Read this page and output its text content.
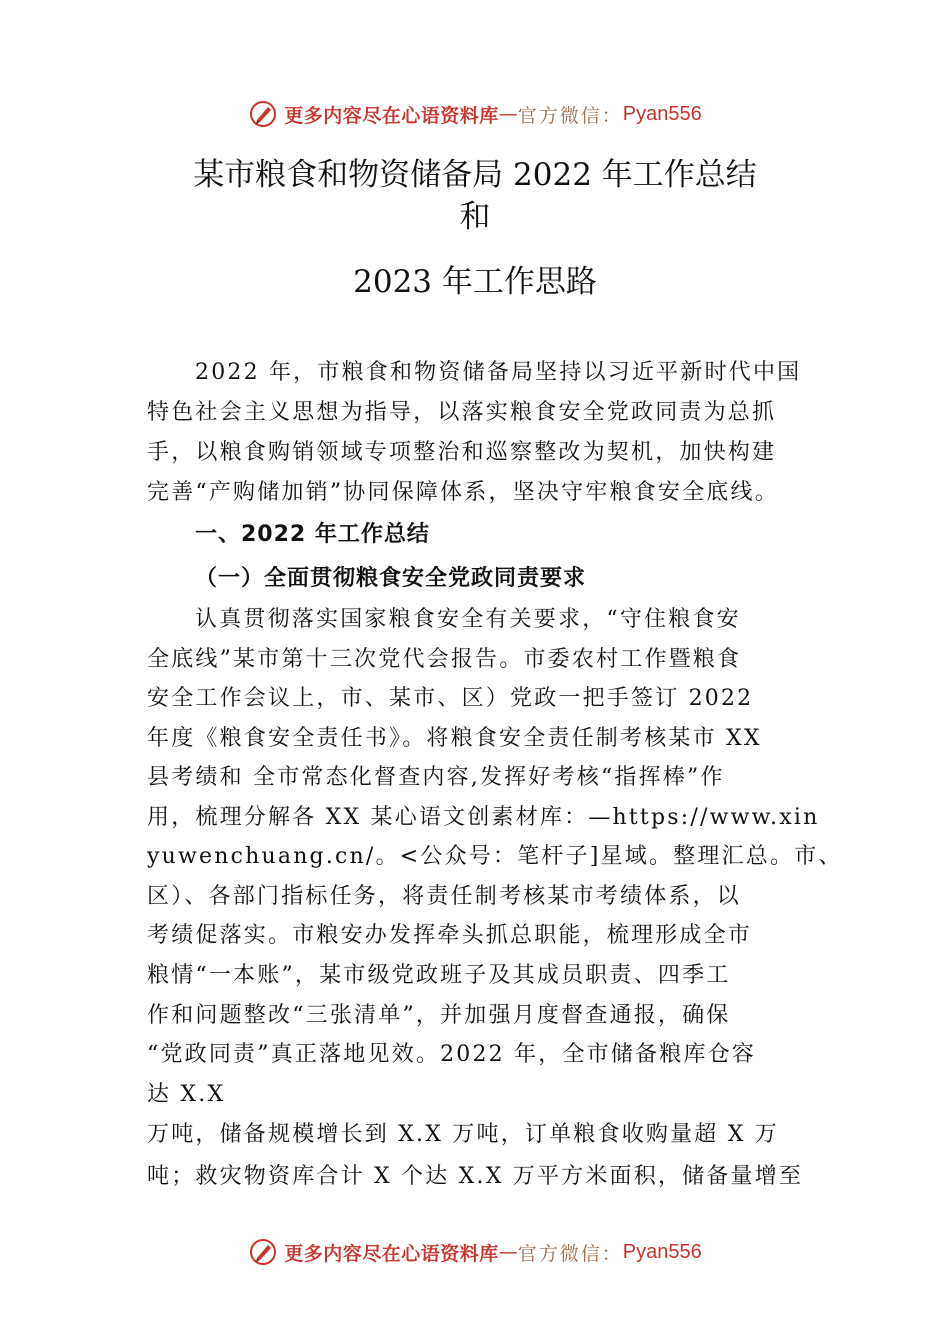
更多内容尽在心语资料库 — 官方微信： Pyan556
某市粮食和物资储备局 2022 年工作总结
和
2023 年工作思路
2022 年，市粮食和物资储备局坚持以习近平新时代中国
特色社会主义思想为指导，以落实粮食安全党政同责为总抓
手，以粮食购销领域专项整治和巡察整改为契机，加快构建
完善“产购储加销”协同保障体系，坚决守牢粮食安全底线。
一、2022 年工作总结
（一）全面贯彻粮食安全党政同责要求
认真贯彻落实国家粮食安全有关要求，“守住粮食安
全底线”某市第十三次党代会报告。市委农村工作暨粮食
安全工作会议上，市、某市、区）党政一把手签订 2022
年度《粮食安全责任书》。将粮食安全责任制考核某市 XX
县考绩和 全市常态化督查内容,发挥好考核“指挥棒”作
用，梳理分解各 XX 某心语文创素材库：—https://www.xin
yuwenchuang.cn/。<公众号：笔杆子]星域。整理汇总。市、
区）、各部门指标任务，将责任制考核某市考绩体系，以
考绩促落实。市粮安办发挥牵头抓总职能，梳理形成全市
粮情“一本账”，某市级党政班子及其成员职责、四季工
作和问题整改“三张清单”，并加强月度督查通报，确保
“党政同责”真正落地见效。2022 年，全市储备粮库仓容
达 X.X
万吨，储备规模增长到 X.X 万吨，订单粮食收购量超 X 万
吨；救灾物资库合计 X 个达 X.X 万平方米面积，储备量增至
更多内容尽在心语资料库 — 官方微信： Pyan556
